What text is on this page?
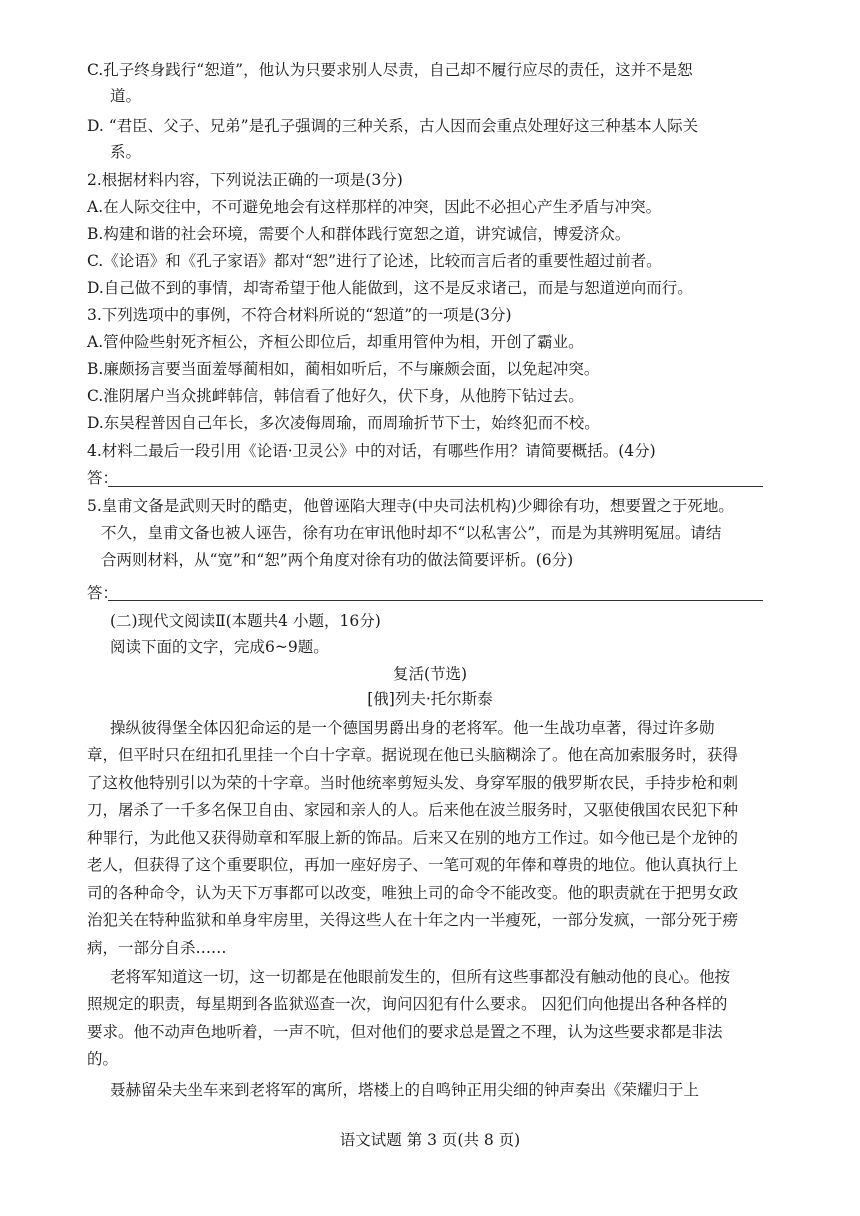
C.孔子终身践行“恕道”，他认为只要求别人尽责，自己却不履行应尽的责任，这并不是恕
道。
D. “君臣、父子、兄弟”是孔子强调的三种关系，古人因而会重点处理好这三种基本人际关
系。
2.根据材料内容，下列说法正确的一项是(3分)
A.在人际交往中，不可避免地会有这样那样的冲突，因此不必担心产生矛盾与冲突。
B.构建和谐的社会环境，需要个人和群体践行宽恕之道，讲究诚信，博爱济众。
C.《论语》和《孔子家语》都对“恕”进行了论述，比较而言后者的重要性超过前者。
D.自己做不到的事情，却寄希望于他人能做到，这不是反求诸己，而是与恕道逆向而行。
3.下列选项中的事例，不符合材料所说的“恕道”的一项是(3分)
A.管仲险些射死齐桓公，齐桓公即位后，却重用管仲为相，开创了霸业。
B.廉颇扬言要当面羞辱蔺相如，蔺相如听后，不与廉颇会面，以免起冲突。
C.淮阴屠户当众挑衅韩信，韩信看了他好久，伏下身，从他胯下钻过去。
D.东吴程普因自己年长，多次凌侮周瑜，而周瑜折节下士，始终犯而不校。
4.材料二最后一段引用《论语·卫灵公》中的对话，有哪些作用？请简要概括。(4分)
答：
5.皇甫文备是武则天时的酷吏，他曾诬陷大理寺(中央司法机构)少卿徐有功，想要置之于死地。
不久，皇甫文备也被人诬告，徐有功在审讯他时却不“以私害公”，而是为其辨明冤屈。请结
合两则材料，从“宽”和“恕”两个角度对徐有功的做法简要评析。(6分)
答：
(二)现代文阅读Ⅱ(本题共4 小题，16分)
阅读下面的文字，完成6~9题。
复活(节选)
[俄]列夫·托尔斯泰
操纵彼得堡全体囚犯命运的是一个德国男爵出身的老将军。他一生战功卓著，得过许多勋
章，但平时只在纽扣孔里挂一个白十字章。据说现在他已头脑糊涂了。他在高加索服务时，获得
了这枚他特别引以为荣的十字章。当时他统率剪短头发、身穿军服的俄罗斯农民，手持步枪和刺
刀，屠杀了一千多名保卫自由、家园和亲人的人。后来他在波兰服务时，又驱使俄国农民犯下种
种罪行，为此他又获得勋章和军服上新的饰品。后来又在别的地方工作过。如今他已是个龙钟的
老人，但获得了这个重要职位，再加一座好房子、一笔可观的年俸和尊贵的地位。他认真执行上
司的各种命令，认为天下万事都可以改变，唯独上司的命令不能改变。他的职责就在于把男女政
治犯关在特种监狱和单身牢房里，关得这些人在十年之内一半瘦死，一部分发疯，一部分死于痨
病，一部分自杀……
老将军知道这一切，这一切都是在他眼前发生的，但所有这些事都没有触动他的良心。他按
照规定的职责，每星期到各监狱巡查一次，询问囚犯有什么要求。 囚犯们向他提出各种各样的
要求。他不动声色地听着，一声不吭，但对他们的要求总是置之不理，认为这些要求都是非法
的。
聂赫留朵夫坐车来到老将军的寓所，塔楼上的自鸣钟正用尖细的钟声奏出《荣耀归于上
语文试题 第 3 页(共 8 页)
